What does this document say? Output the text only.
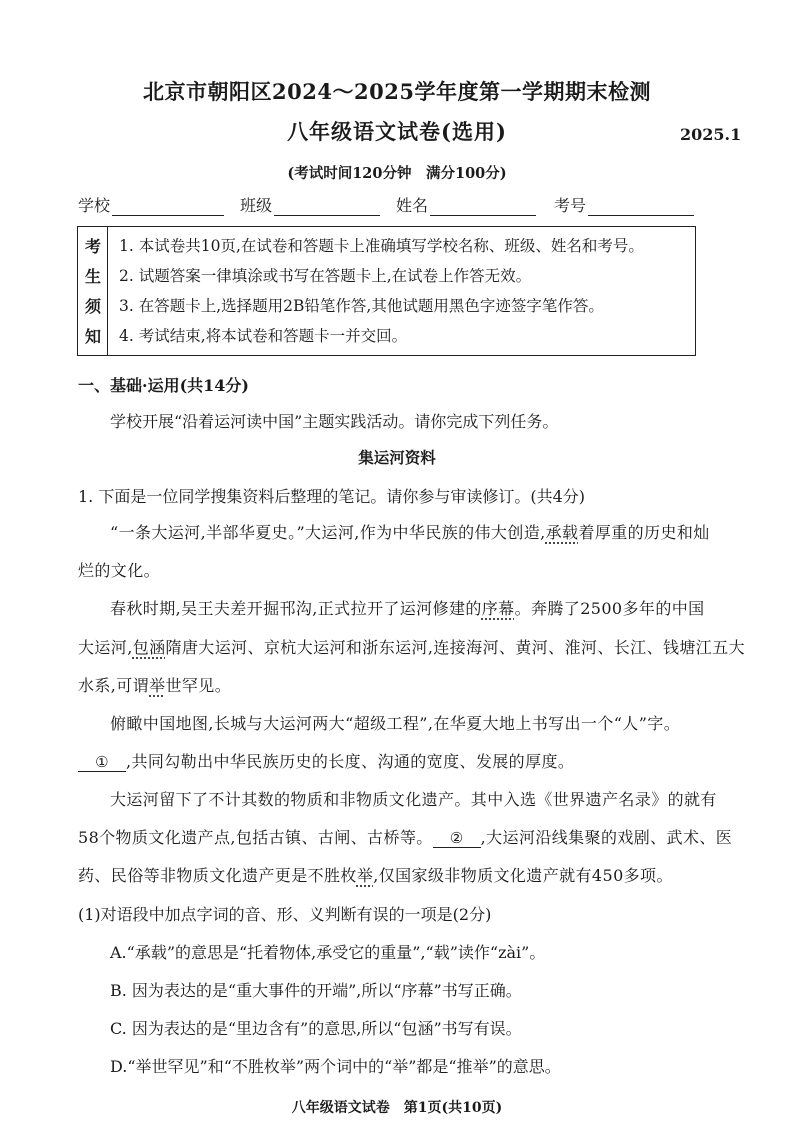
北京市朝阳区2024～2025学年度第一学期期末检测
八年级语文试卷(选用)	2025.1
(考试时间120分钟　满分100分)
学校	班级	姓名	考号
考
生
须
知
1. 本试卷共10页,在试卷和答题卡上准确填写学校名称、班级、姓名和考号。
2. 试题答案一律填涂或书写在答题卡上,在试卷上作答无效。
3. 在答题卡上,选择题用2B铅笔作答,其他试题用黑色字迹签字笔作答。
4. 考试结束,将本试卷和答题卡一并交回。
一、基础·运用(共14分)
学校开展“沿着运河读中国”主题实践活动。请你完成下列任务。
集运河资料
1. 下面是一位同学搜集资料后整理的笔记。请你参与审读修订。(共4分)
“一条大运河,半部华夏史。”大运河,作为中华民族的伟大创造,承载着厚重的历史和灿
烂的文化。
春秋时期,吴王夫差开掘邗沟,正式拉开了运河修建的序幕。奔腾了2500多年的中国
大运河,包涵隋唐大运河、京杭大运河和浙东运河,连接海河、黄河、淮河、长江、钱塘江五大
水系,可谓举世罕见。
俯瞰中国地图,长城与大运河两大“超级工程”,在华夏大地上书写出一个“人”字。
① ,共同勾勒出中华民族历史的长度、沟通的宽度、发展的厚度。
大运河留下了不计其数的物质和非物质文化遗产。其中入选《世界遗产名录》的就有
58个物质文化遗产点,包括古镇、古闸、古桥等。 ② ,大运河沿线集聚的戏剧、武术、医
药、民俗等非物质文化遗产更是不胜枚举,仅国家级非物质文化遗产就有450多项。
(1)对语段中加点字词的音、形、义判断有误的一项是(2分)
A.“承载”的意思是“托着物体,承受它的重量”,“载”读作“zài”。
B. 因为表达的是“重大事件的开端”,所以“序幕”书写正确。
C. 因为表达的是“里边含有”的意思,所以“包涵”书写有误。
D.“举世罕见”和“不胜枚举”两个词中的“举”都是“推举”的意思。
八年级语文试卷　第1页(共10页)
